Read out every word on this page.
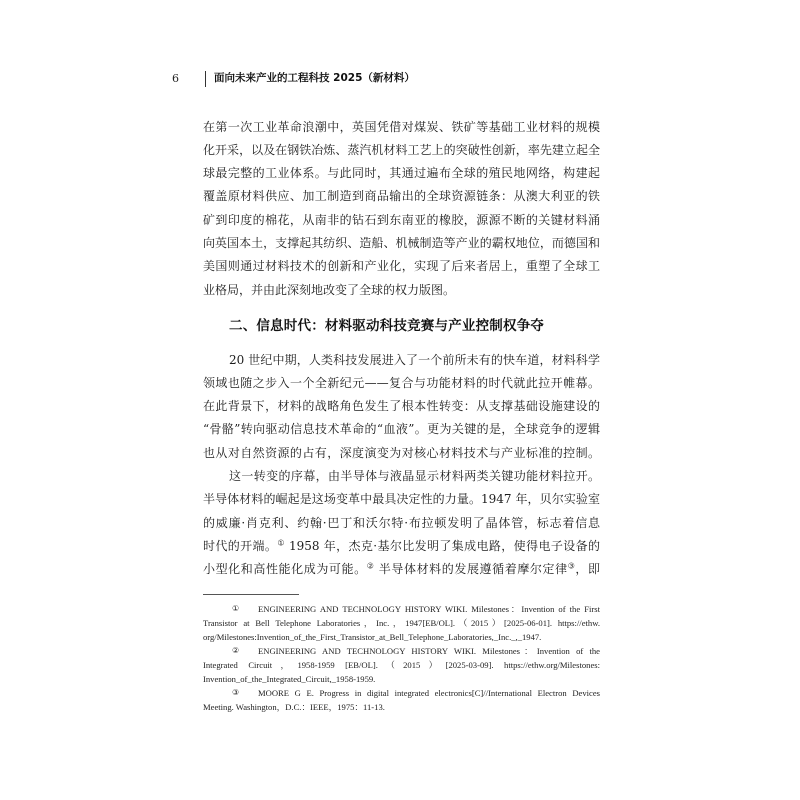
6	面向未来产业的工程科技 2025（新材料）
在第一次工业革命浪潮中，英国凭借对煤炭、铁矿等基础工业材料的规模
化开采，以及在钢铁冶炼、蒸汽机材料工艺上的突破性创新，率先建立起全
球最完整的工业体系。与此同时，其通过遍布全球的殖民地网络，构建起
覆盖原材料供应、加工制造到商品输出的全球资源链条：从澳大利亚的铁
矿到印度的棉花，从南非的钻石到东南亚的橡胶，源源不断的关键材料涌
向英国本土，支撑起其纺织、造船、机械制造等产业的霸权地位，而德国和
美国则通过材料技术的创新和产业化，实现了后来者居上，重塑了全球工
业格局，并由此深刻地改变了全球的权力版图。
二、信息时代：材料驱动科技竞赛与产业控制权争夺
20 世纪中期，人类科技发展进入了一个前所未有的快车道，材料科学
领域也随之步入一个全新纪元——复合与功能材料的时代就此拉开帷幕。
在此背景下，材料的战略角色发生了根本性转变：从支撑基础设施建设的
“骨骼”转向驱动信息技术革命的“血液”。更为关键的是，全球竞争的逻辑
也从对自然资源的占有，深度演变为对核心材料技术与产业标准的控制。
这一转变的序幕，由半导体与液晶显示材料两类关键功能材料拉开。
半导体材料的崛起是这场变革中最具决定性的力量。1947 年，贝尔实验室
的威廉·肖克利、约翰·巴丁和沃尔特·布拉顿发明了晶体管，标志着信息
时代的开端。① 1958 年，杰克·基尔比发明了集成电路，使得电子设备的
小型化和高性能化成为可能。② 半导体材料的发展遵循着摩尔定律③，即
①	ENGINEERING AND TECHNOLOGY HISTORY WIKI. Milestones：Invention of the First
Transistor at Bell Telephone Laboratories，Inc.，1947[EB/OL].（2015）[2025-06-01]. https://ethw.
org/Milestones:Invention_of_the_First_Transistor_at_Bell_Telephone_Laboratories,_Inc._,_1947.
②	ENGINEERING AND TECHNOLOGY HISTORY WIKI. Milestones：Invention of the
Integrated Circuit，1958-1959 [EB/OL].（2015）[2025-03-09]. https://ethw.org/Milestones:
Invention_of_the_Integrated_Circuit,_1958-1959.
③	MOORE G E. Progress in digital integrated electronics[C]//International Electron Devices
Meeting. Washington，D.C.：IEEE，1975：11-13.
